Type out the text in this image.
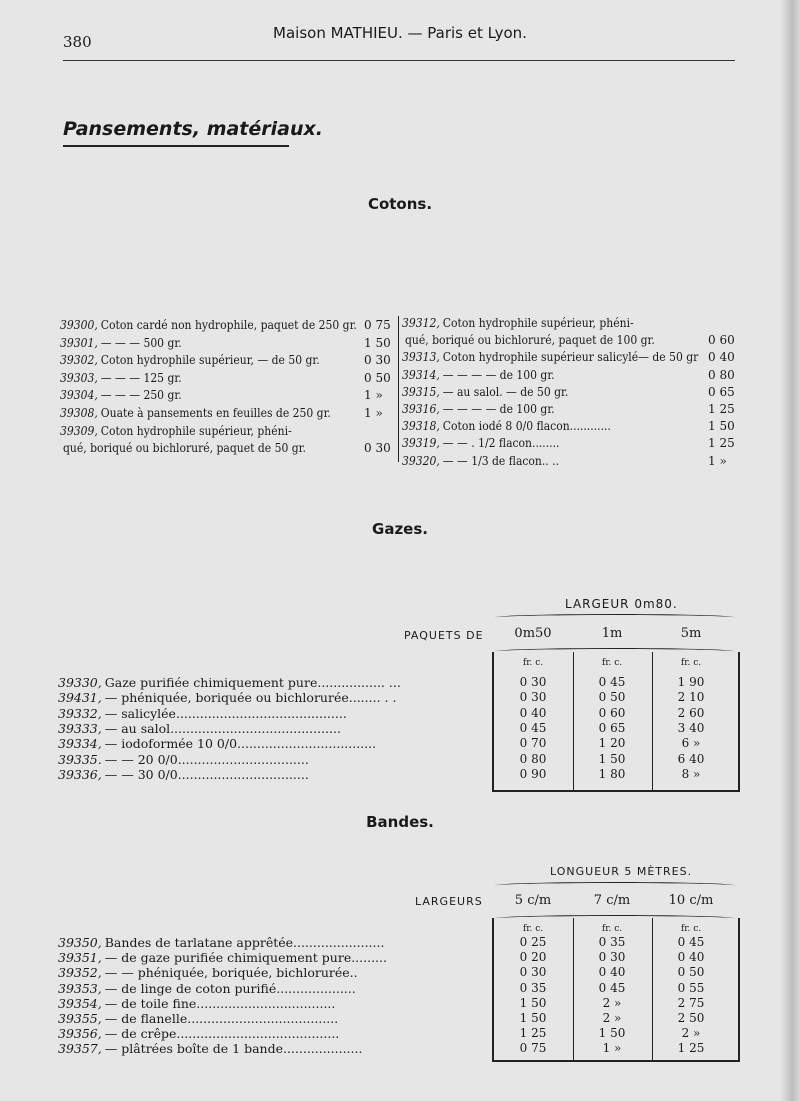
380	Maison MATHIEU. — Paris et Lyon.
Pansements, matériaux.
Cotons.
39300, Coton cardé non hydrophile, paquet de 250 gr. 0 75
39301, — — — 500 gr.	1 50
39302, Coton hydrophile supérieur, — de 50 gr.	0 30
39303, — — — 125 gr.	0 50
39304, — — — 250 gr.	1 »
39308, Ouate à pansements en feuilles de 250 gr.	1 »
39309, Coton hydrophile supérieur, phéni-
qué, boriqué ou bichloruré, paquet de 50 gr.	0 30
39312, Coton hydrophile supérieur, phéni-
qué, boriqué ou bichloruré, paquet de 100 gr.	0 60
39313, Coton hydrophile supérieur salicylé— de 50 gr 0 40
39314, — — — — de 100 gr.	0 80
39315, — au salol. — de 50 gr.	0 65
39316, — — — — de 100 gr.	1 25
39318, Coton iodé 8 0/0 flacon............	1 50
39319, — — . 1/2 flacon........	1 25
39320, — — 1/3 de flacon.. ..	1 »
Gazes.
LARGEUR 0m80.
PAQUETS DE	0m50	1m	5m
fr. c.	fr. c.	fr. c.
39330, Gaze purifiée chimiquement pure................. ...	0 30	0 45	1 90
39431, — phéniquée, boriquée ou bichlorurée........ . .	0 30	0 50	2 10
39332, — salicylée...........................................	0 40	0 60	2 60
39333, — au salol...........................................	0 45	0 65	3 40
39334, — iodoformée 10 0/0...................................	0 70	1 20	6 »
39335. — — 20 0/0.................................	0 80	1 50	6 40
39336, — — 30 0/0.................................	0 90	1 80	8 »
Bandes.
LONGUEUR 5 MÈTRES.
LARGEURS	5 c/m	7 c/m	10 c/m
fr. c.	fr. c.	fr. c.
39350, Bandes de tarlatane apprêtée.......................	0 25	0 35	0 45
39351, — de gaze purifiée chimiquement pure.........	0 20	0 30	0 40
39352, — — phéniquée, boriquée, bichlorurée..	0 30	0 40	0 50
39353, — de linge de coton purifié....................	0 35	0 45	0 55
39354, — de toile fine...................................	1 50	2 »	2 75
39355, — de flanelle......................................	1 50	2 »	2 50
39356, — de crêpe.........................................	1 25	1 50	2 »
39357, — plâtrées boîte de 1 bande....................	0 75	1 »	1 25
